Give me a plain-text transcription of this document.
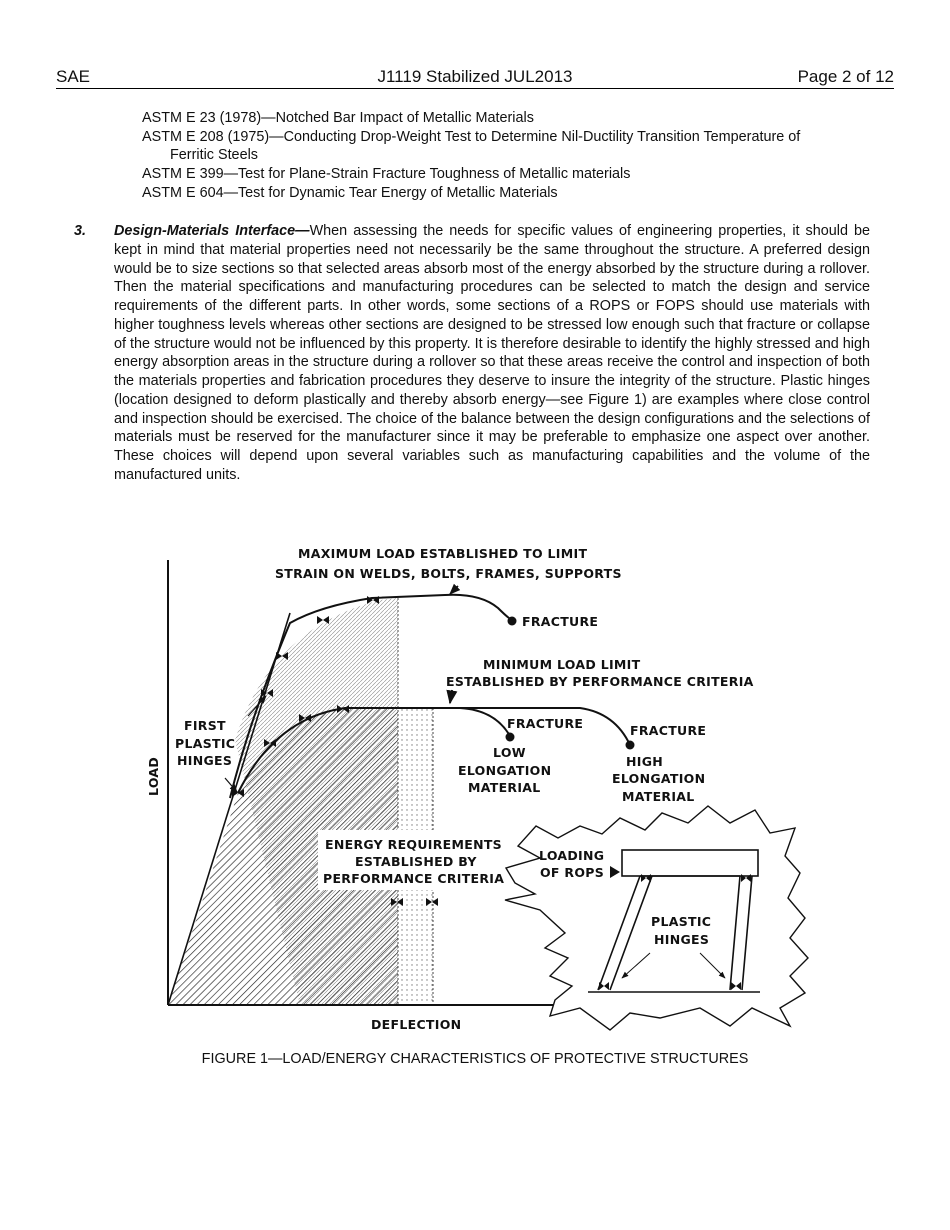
SAE	J1119 Stabilized JUL2013	Page 2 of 12
ASTM E 23 (1978)—Notched Bar Impact of Metallic Materials
ASTM E 208 (1975)—Conducting Drop-Weight Test to Determine Nil-Ductility Transition Temperature of
Ferritic Steels
ASTM E 399—Test for Plane-Strain Fracture Toughness of Metallic materials
ASTM E 604—Test for Dynamic Tear Energy of Metallic Materials
3. Design-Materials Interface—When assessing the needs for specific values of engineering properties, it should be kept in mind that material properties need not necessarily be the same throughout the structure. A preferred design would be to size sections so that selected areas absorb most of the energy absorbed by the structure during a rollover. Then the material specifications and manufacturing procedures can be selected to match the design and service requirements of the different parts. In other words, some sections of a ROPS or FOPS should use materials with higher toughness levels whereas other sections are designed to be stressed low enough such that fracture or collapse of the structure would not be influenced by this property. It is therefore desirable to identify the highly stressed and high energy absorption areas in the structure during a rollover so that these areas receive the control and inspection of both the materials properties and fabrication procedures they deserve to insure the integrity of the structure. Plastic hinges (location designed to deform plastically and thereby absorb energy—see Figure 1) are examples where close control and inspection should be exercised. The choice of the balance between the design configurations and the selections of materials must be reserved for the manufacturer since it may be preferable to emphasize one aspect over another. These choices will depend upon several variables such as manufacturing capabilities and the volume of the manufactured units.
MAXIMUM LOAD ESTABLISHED TO LIMIT
STRAIN ON WELDS, BOLTS, FRAMES, SUPPORTS
FRACTURE
MINIMUM LOAD LIMIT
ESTABLISHED BY PERFORMANCE CRITERIA
FRACTURE	FRACTURE
LOW
ELONGATION
MATERIAL
HIGH
ELONGATION
MATERIAL
FIRST
PLASTIC
HINGES
LOAD
DEFLECTION
ENERGY REQUIREMENTS
ESTABLISHED BY
PERFORMANCE CRITERIA
LOADING
OF ROPS
PLASTIC
HINGES
FIGURE 1—LOAD/ENERGY CHARACTERISTICS OF PROTECTIVE STRUCTURES
